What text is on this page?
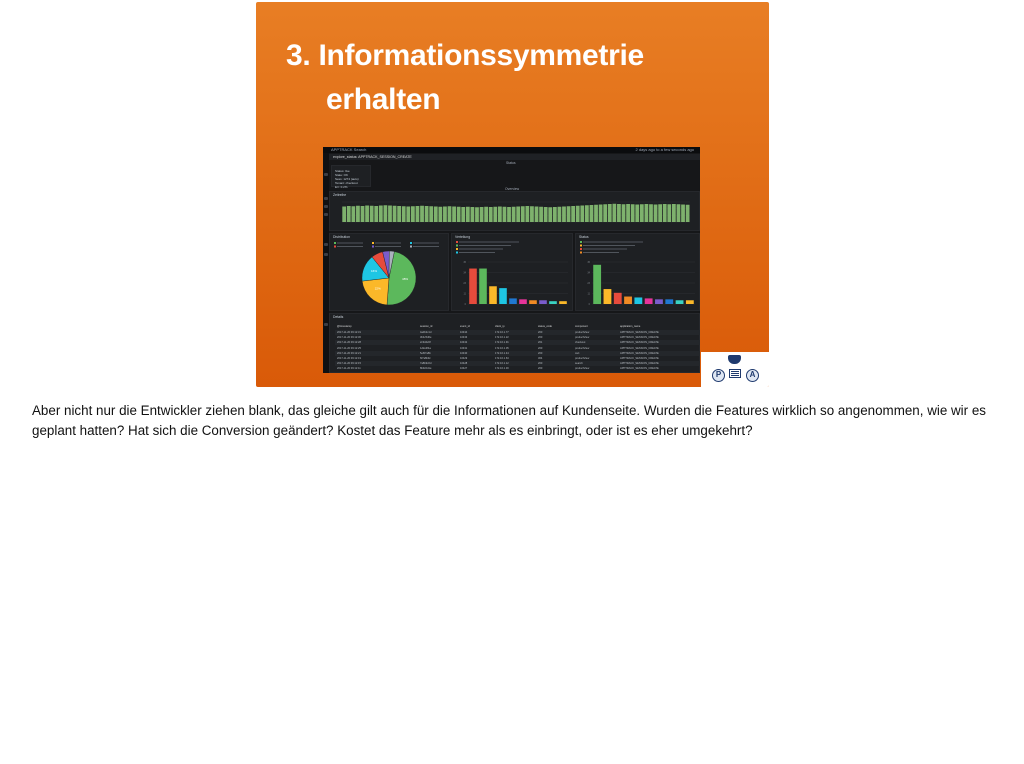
3. Informationssymmetrie
erhalten
APPTRACK Search	2 days ago to a few seconds ago
explore_status: APPTRACK_SESSION_CREATE
Status
Status: live
State: OK
Sess: 1274 (auto)
Tenant: checkout
Err: 0.2%	Overview
Zeitreihe
Distribution
48%
22%
16%
Verteilung
0
11
23
34
45
Status
0
11
23
34
45
Details
@timestamp	session_id	event_id	client_ip	status_code	component	application_name
2017-11-20 09:12:31	4a3b2c1d	10434	172.16.1.77	200	productView	APPTRACK_SESSION_CREATE
2017-11-20 09:12:30	3b4c5d6e	10433	172.16.1.22	200	productView	APPTRACK_SESSION_CREATE
2017-11-20 09:12:28	2c3d4e5f	10432	172.16.1.91	201	checkout	APPTRACK_SESSION_CREATE
2017-11-20 09:12:25	1d2e3f4a	10431	172.16.1.05	200	productView	APPTRACK_SESSION_CREATE
2017-11-20 09:12:21	5e6f7a8b	10430	172.16.1.44	200	cart	APPTRACK_SESSION_CREATE
2017-11-20 09:12:19	6f7a8b9c	10429	172.16.1.63	304	productView	APPTRACK_SESSION_CREATE
2017-11-20 09:12:15	7a8b9c0d	10428	172.16.1.12	200	search	APPTRACK_SESSION_CREATE
2017-11-20 09:12:11	8b9c0d1e	10427	172.16.1.30	200	productView	APPTRACK_SESSION_CREATE
P	A
Aber nicht nur die Entwickler ziehen blank, das gleiche gilt auch für die Informationen auf Kundenseite. Wurden die Features wirklich so angenommen, wie wir es geplant hatten? Hat sich die Conversion geändert? Kostet das Feature mehr als es einbringt, oder ist es eher umgekehrt?
